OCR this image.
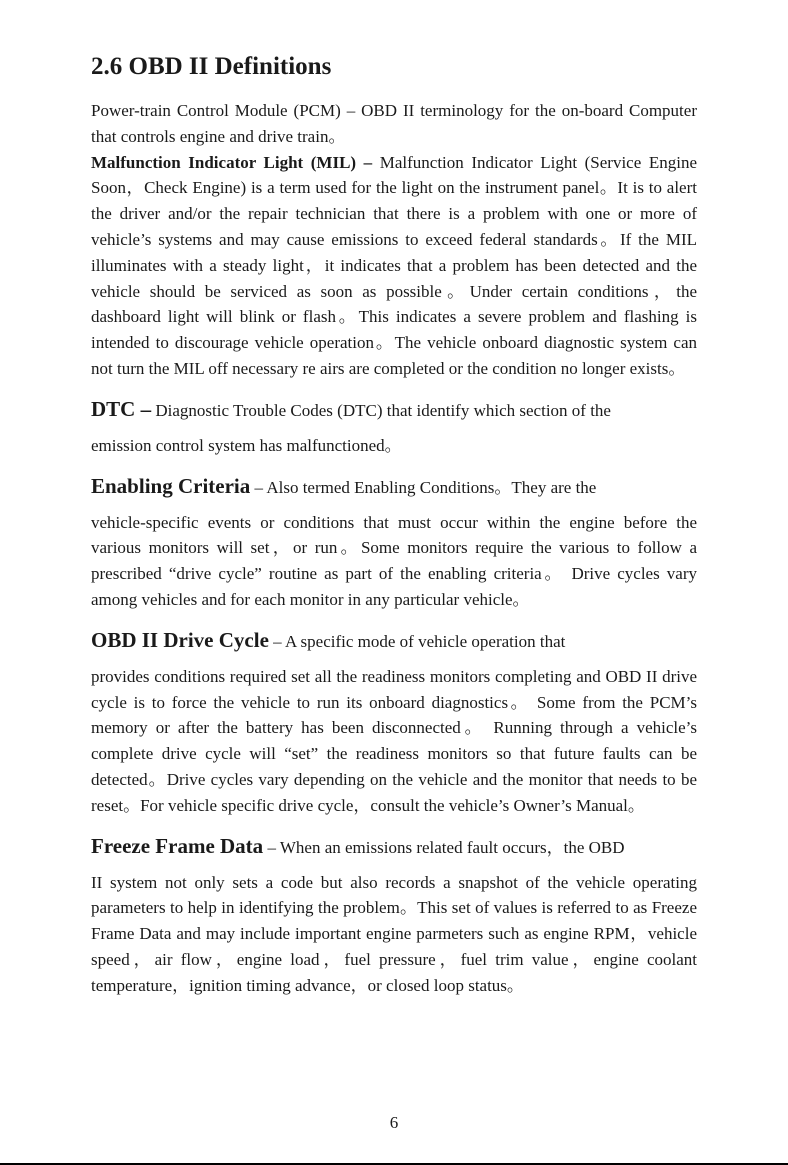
2.6 OBD II Definitions

Power-train Control Module (PCM) – OBD II terminology for the on-board Computer that controls engine and drive train。

Malfunction Indicator Light (MIL) – Malfunction Indicator Light (Service Engine Soon，Check Engine) is a term used for the light on the instrument panel。It is to alert the driver and/or the repair technician that there is a problem with one or more of vehicle’s systems and may cause emissions to exceed federal standards。If the MIL illuminates with a steady light，it indicates that a problem has been detected and the vehicle should be serviced as soon as possible。Under certain conditions，the dashboard light will blink or flash。This indicates a severe problem and flashing is intended to discourage vehicle operation。The vehicle onboard diagnostic system can not turn the MIL off necessary re airs are completed or the condition no longer exists。

DTC – Diagnostic Trouble Codes (DTC) that identify which section of the

emission control system has malfunctioned。

Enabling Criteria – Also termed Enabling Conditions。They are the

vehicle-specific events or conditions that must occur within the engine before the various monitors will set，or run。Some monitors require the various to follow a prescribed “drive cycle” routine as part of the enabling criteria。 Drive cycles vary among vehicles and for each monitor in any particular vehicle。

OBD II Drive Cycle – A specific mode of vehicle operation that

provides conditions required set all the readiness monitors completing and OBD II drive cycle is to force the vehicle to run its onboard diagnostics。 Some from the PCM’s memory or after the battery has been disconnected。 Running through a vehicle’s complete drive cycle will “set” the readiness monitors so that future faults can be detected。Drive cycles vary depending on the vehicle and the monitor that needs to be reset。For vehicle specific drive cycle，consult the vehicle’s Owner’s Manual。

Freeze Frame Data – When an emissions related fault occurs，the OBD

II system not only sets a code but also records a snapshot of the vehicle operating parameters to help in identifying the problem。This set of values is referred to as Freeze Frame Data and may include important engine parmeters such as engine RPM，vehicle speed，air flow，engine load，fuel pressure，fuel trim value，engine coolant temperature，ignition timing advance，or closed loop status。

6
